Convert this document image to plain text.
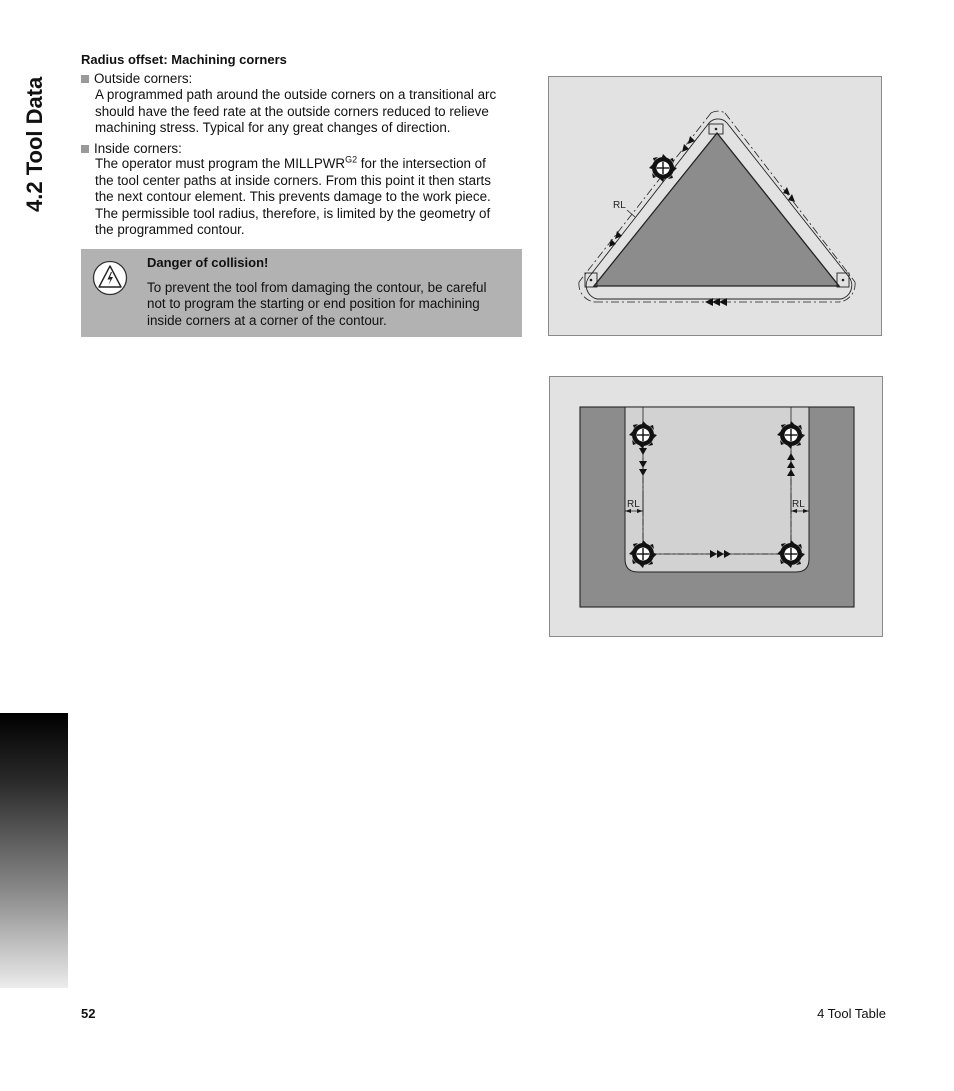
4.2 Tool Data
Radius offset: Machining corners
Outside corners:
A programmed path around the outside corners on a transitional arc
should have the feed rate at the outside corners reduced to relieve
machining stress. Typical for any great changes of direction.
Inside corners:
The operator must program the $MILLPWR^{G2}$ for the intersection of
the tool center paths at inside corners. From this point it then starts
the next contour element. This prevents damage to the work piece.
The permissible tool radius, therefore, is limited by the geometry of
the programmed contour.
Danger of collision!
To prevent the tool from damaging the contour, be careful
not to program the starting or end position for machining
inside corners at a corner of the contour.
RL
RL	RL
52	4 Tool Table
